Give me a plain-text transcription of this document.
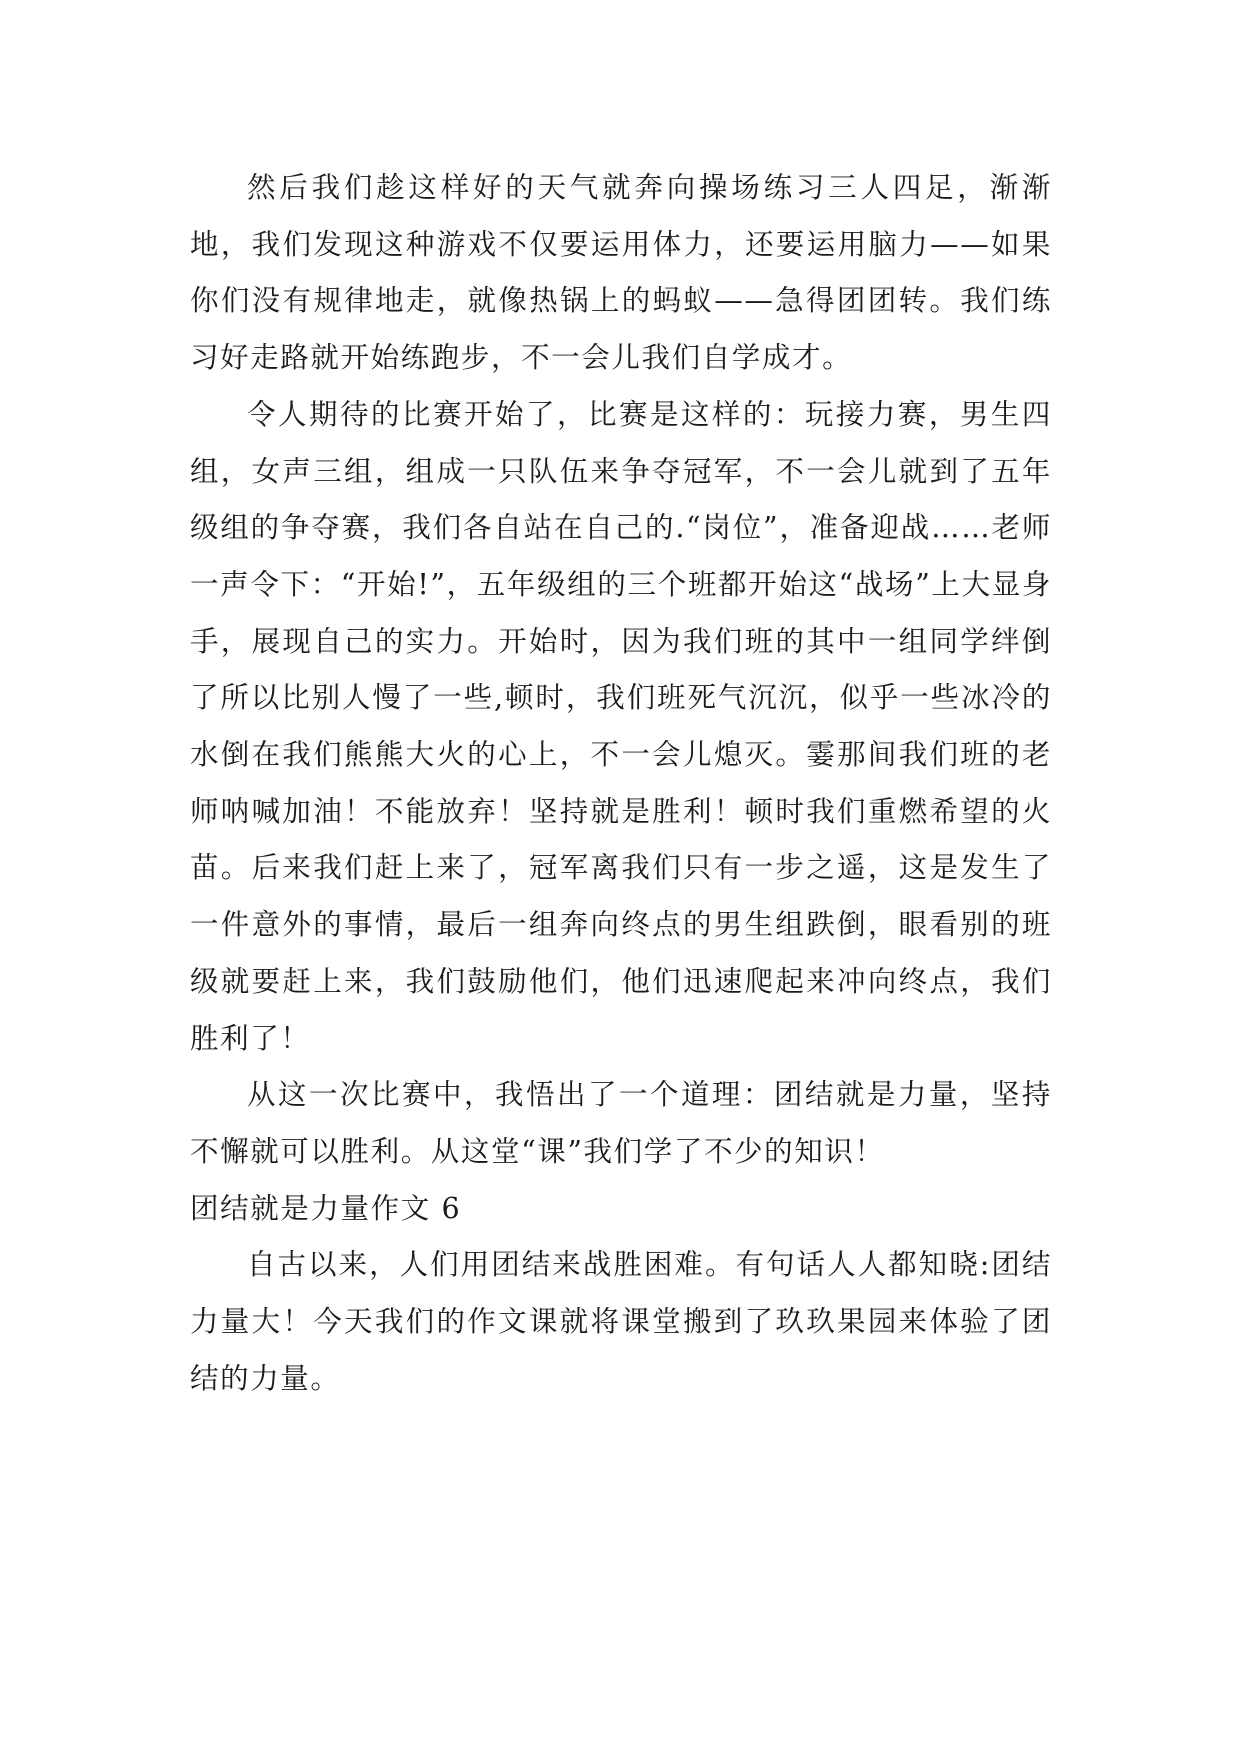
然后我们趁这样好的天气就奔向操场练习三人四足，渐渐地，我们发现这种游戏不仅要运用体力，还要运用脑力——如果你们没有规律地走，就像热锅上的蚂蚁——急得团团转。我们练习好走路就开始练跑步，不一会儿我们自学成才。

令人期待的比赛开始了，比赛是这样的：玩接力赛，男生四组，女声三组，组成一只队伍来争夺冠军，不一会儿就到了五年级组的争夺赛，我们各自站在自己的.“岗位”，准备迎战……老师一声令下：“开始!”，五年级组的三个班都开始这“战场”上大显身手，展现自己的实力。开始时，因为我们班的其中一组同学绊倒了所以比别人慢了一些,顿时，我们班死气沉沉，似乎一些冰冷的水倒在我们熊熊大火的心上，不一会儿熄灭。霎那间我们班的老师呐喊加油！不能放弃！坚持就是胜利！顿时我们重燃希望的火苗。后来我们赶上来了，冠军离我们只有一步之遥，这是发生了一件意外的事情，最后一组奔向终点的男生组跌倒，眼看别的班级就要赶上来，我们鼓励他们，他们迅速爬起来冲向终点，我们胜利了！

从这一次比赛中，我悟出了一个道理：团结就是力量，坚持不懈就可以胜利。从这堂“课”我们学了不少的知识！

团结就是力量作文 6

自古以来，人们用团结来战胜困难。有句话人人都知晓:团结力量大！今天我们的作文课就将课堂搬到了玖玖果园来体验了团结的力量。
